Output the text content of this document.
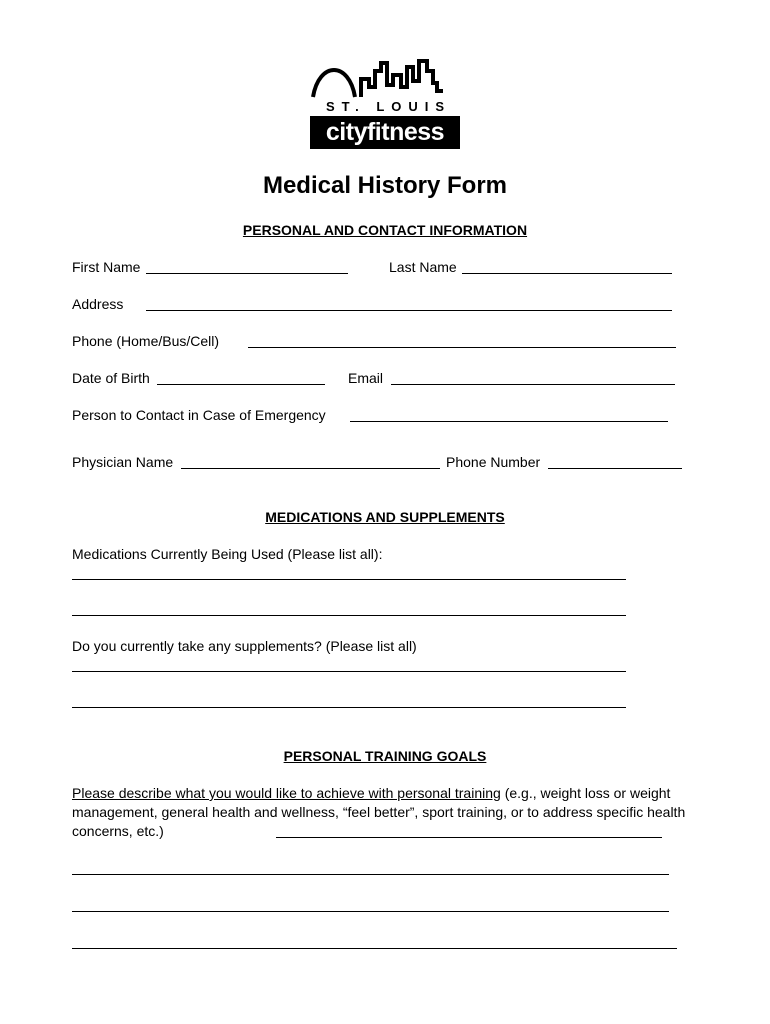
ST. LOUIS
cityfitness
Medical History Form
PERSONAL AND CONTACT INFORMATION
First Name	Last Name
Address
Phone (Home/Bus/Cell)
Date of Birth	Email
Person to Contact in Case of Emergency
Physician Name	Phone Number
MEDICATIONS AND SUPPLEMENTS
Medications Currently Being Used (Please list all):
Do you currently take any supplements? (Please list all)
PERSONAL TRAINING GOALS
Please describe what you would like to achieve with personal training (e.g., weight loss or weight management, general health and wellness, “feel better”, sport training, or to address specific health concerns, etc.)
